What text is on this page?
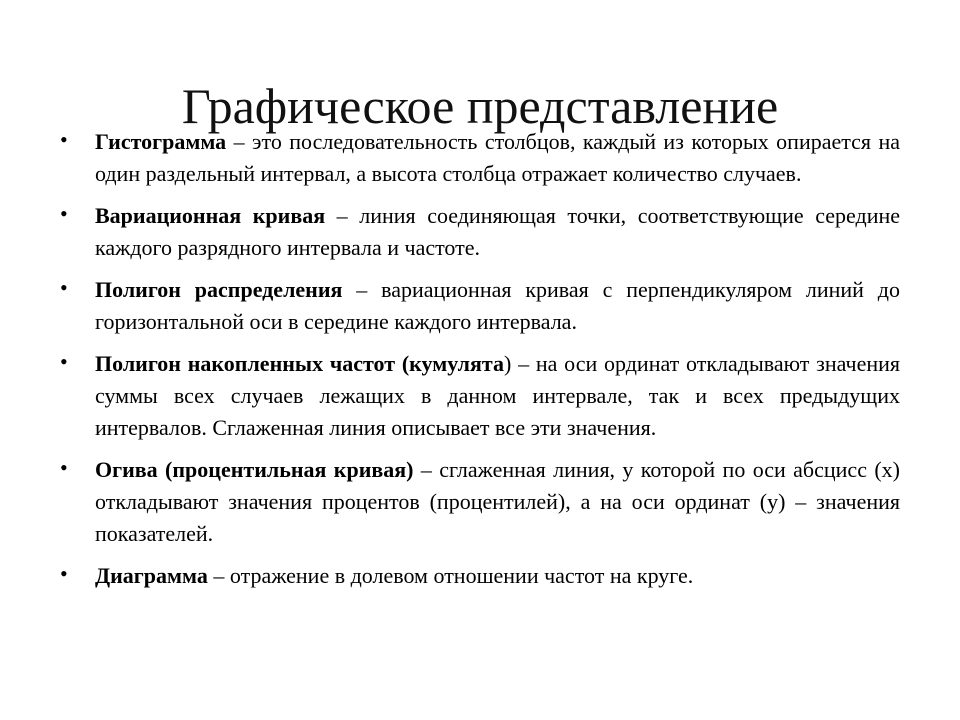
Графическое представление
•	Гистограмма – это последовательность столбцов, каждый из которых опирается на один раздельный интервал, а высота столбца отражает количество случаев.
•	Вариационная кривая – линия соединяющая точки, соответствующие середине каждого разрядного интервала и частоте.
•	Полигон распределения – вариационная кривая с перпендикуляром линий до горизонтальной оси в середине каждого интервала.
•	Полигон накопленных частот (кумулята) – на оси ординат откладывают значения суммы всех случаев лежащих в данном интервале, так и всех предыдущих интервалов. Сглаженная линия описывает все эти значения.
•	Огива (процентильная кривая) – сглаженная линия, у которой по оси абсцисс (x) откладывают значения процентов (процентилей), а на оси ординат (y) – значения показателей.
•	Диаграмма – отражение в долевом отношении частот на круге.
